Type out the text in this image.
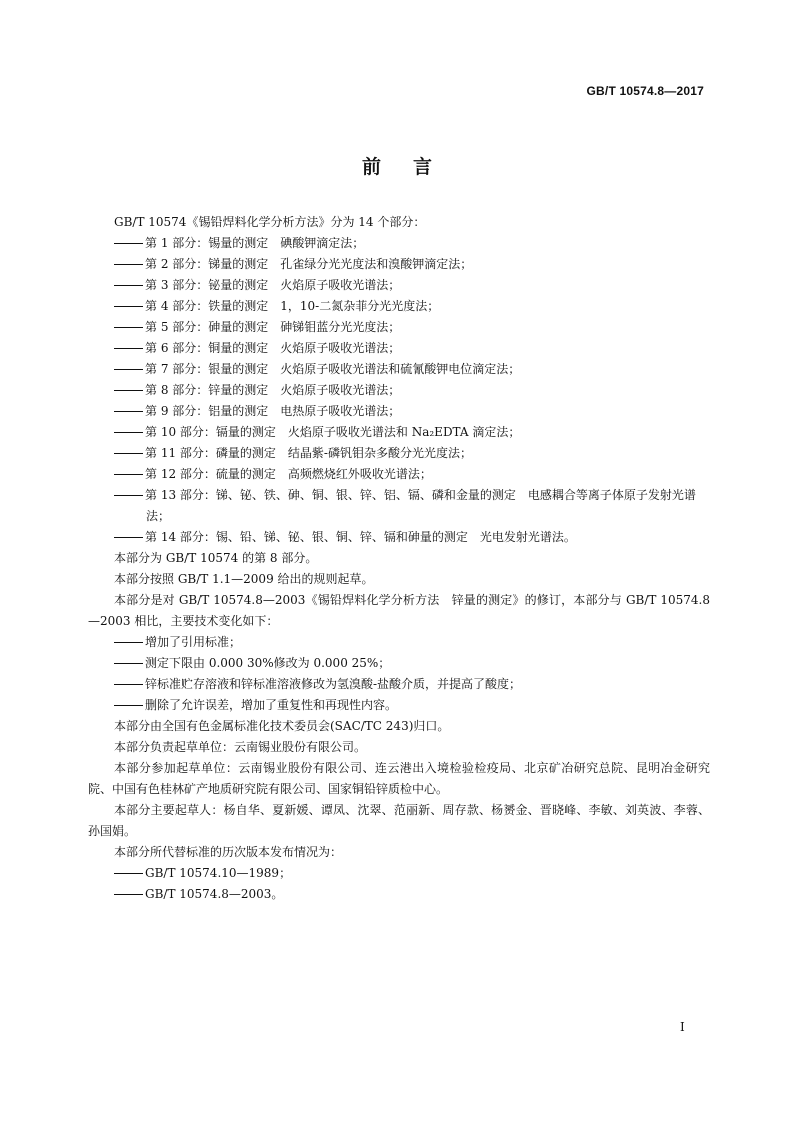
GB/T 10574.8—2017
前言

GB/T 10574《锡铅焊料化学分析方法》分为 14 个部分：

第 1 部分：锡量的测定　碘酸钾滴定法；

第 2 部分：锑量的测定　孔雀绿分光光度法和溴酸钾滴定法；

第 3 部分：铋量的测定　火焰原子吸收光谱法；

第 4 部分：铁量的测定　1，10-二氮杂菲分光光度法；

第 5 部分：砷量的测定　砷锑钼蓝分光光度法；

第 6 部分：铜量的测定　火焰原子吸收光谱法；

第 7 部分：银量的测定　火焰原子吸收光谱法和硫氰酸钾电位滴定法；

第 8 部分：锌量的测定　火焰原子吸收光谱法；

第 9 部分：铝量的测定　电热原子吸收光谱法；

第 10 部分：镉量的测定　火焰原子吸收光谱法和 Na₂EDTA 滴定法；

第 11 部分：磷量的测定　结晶紫-磷钒钼杂多酸分光光度法；

第 12 部分：硫量的测定　高频燃烧红外吸收光谱法；

第 13 部分：锑、铋、铁、砷、铜、银、锌、铝、镉、磷和金量的测定　电感耦合等离子体原子发射光谱法；

第 14 部分：锡、铅、锑、铋、银、铜、锌、镉和砷量的测定　光电发射光谱法。

本部分为 GB/T 10574 的第 8 部分。

本部分按照 GB/T 1.1—2009 给出的规则起草。

本部分是对 GB/T 10574.8—2003《锡铅焊料化学分析方法　锌量的测定》的修订，本部分与 GB/T 10574.8—2003 相比，主要技术变化如下：

增加了引用标准；

测定下限由 0.000 30%修改为 0.000 25%；

锌标准贮存溶液和锌标准溶液修改为氢溴酸-盐酸介质，并提高了酸度；

删除了允许误差，增加了重复性和再现性内容。

本部分由全国有色金属标准化技术委员会(SAC/TC 243)归口。

本部分负责起草单位：云南锡业股份有限公司。

本部分参加起草单位：云南锡业股份有限公司、连云港出入境检验检疫局、北京矿冶研究总院、昆明冶金研究院、中国有色桂林矿产地质研究院有限公司、国家铜铅锌质检中心。

本部分主要起草人：杨自华、夏新媛、谭凤、沈翠、范丽新、周存款、杨赟金、晋晓峰、李敏、刘英波、李蓉、孙国娟。

本部分所代替标准的历次版本发布情况为：

GB/T 10574.10—1989；

GB/T 10574.8—2003。

I
